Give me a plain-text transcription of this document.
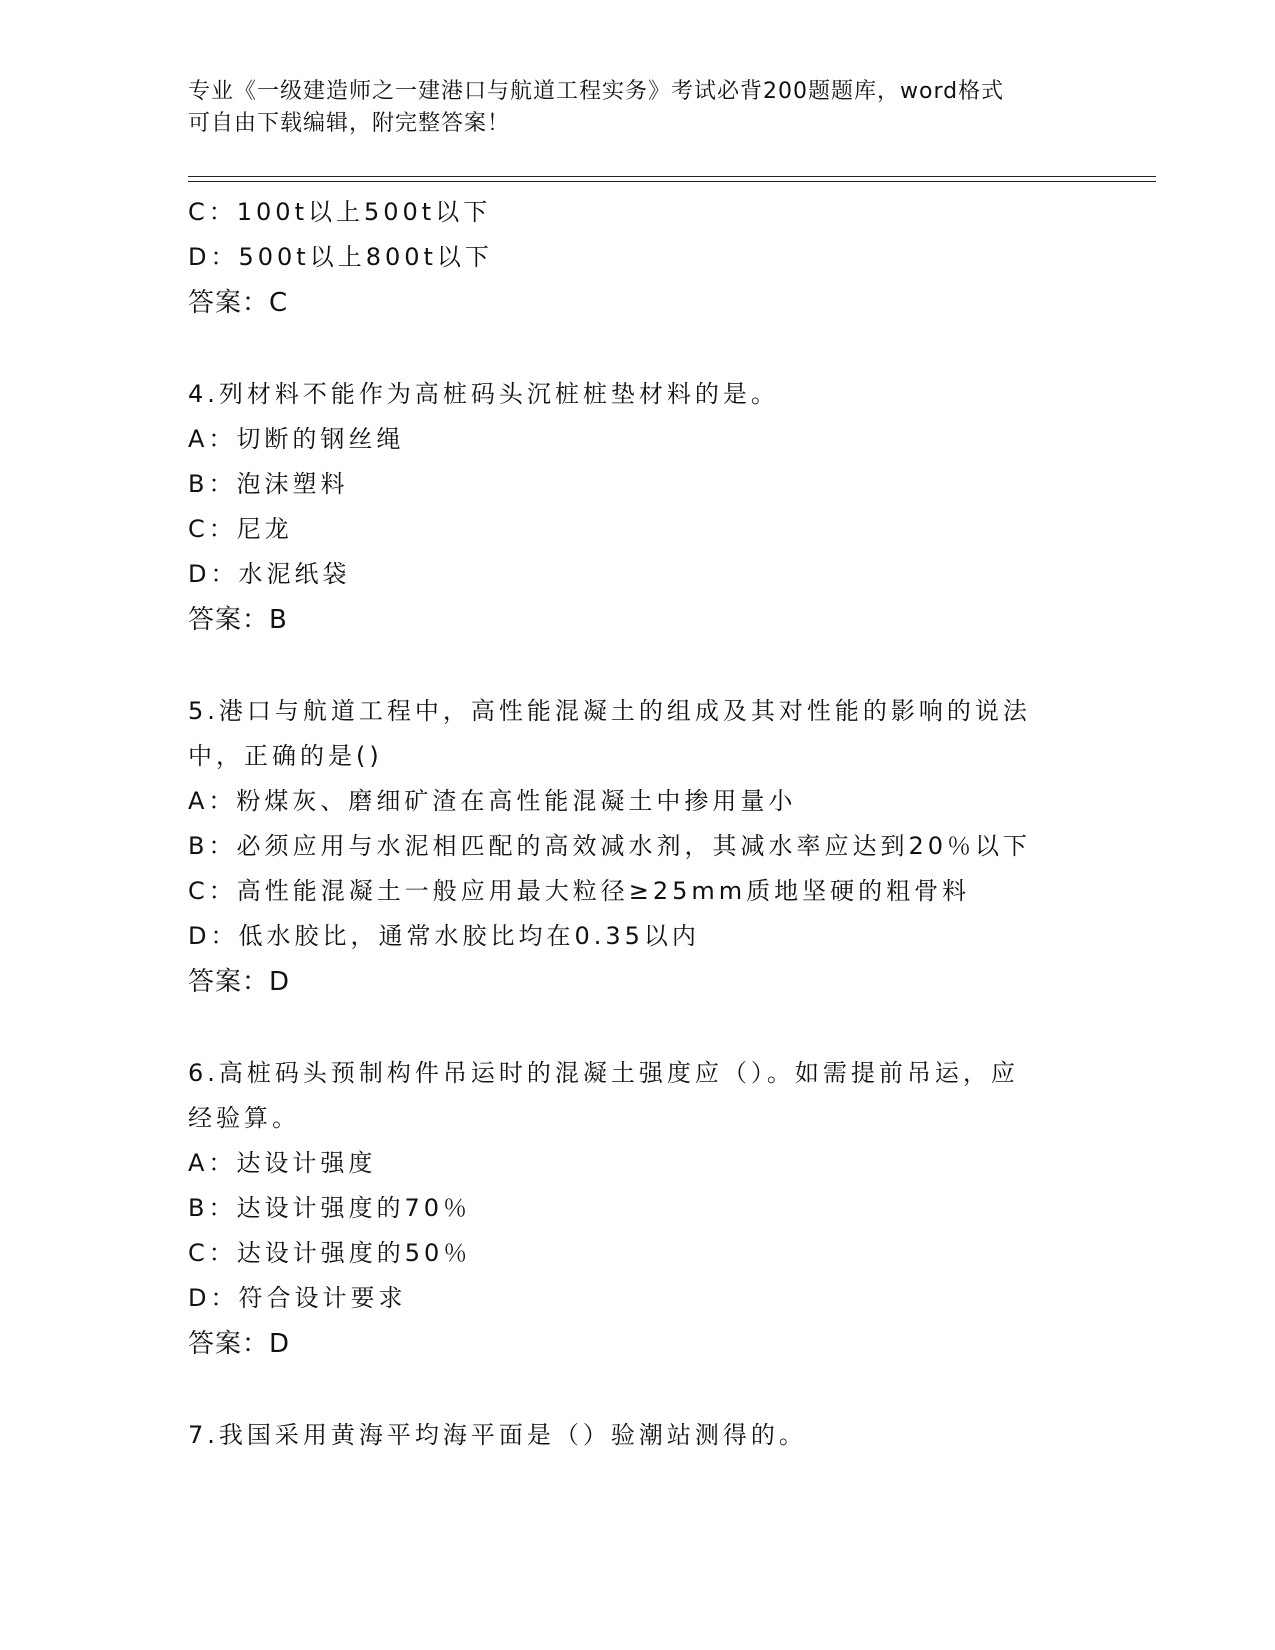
专业《一级建造师之一建港口与航道工程实务》考试必背200题题库，word格式
可自由下载编辑，附完整答案！
C：100t以上500t以下
D：500t以上800t以下
答案：C
4.列材料不能作为高桩码头沉桩桩垫材料的是。
A：切断的钢丝绳
B：泡沫塑料
C：尼龙
D：水泥纸袋
答案：B
5.港口与航道工程中，高性能混凝土的组成及其对性能的影响的说法
中，正确的是()
A：粉煤灰、磨细矿渣在高性能混凝土中掺用量小
B：必须应用与水泥相匹配的高效减水剂，其减水率应达到20％以下
C：高性能混凝土一般应用最大粒径≥25mm质地坚硬的粗骨料
D：低水胶比，通常水胶比均在0.35以内
答案：D
6.高桩码头预制构件吊运时的混凝土强度应（）。如需提前吊运，应
经验算。
A：达设计强度
B：达设计强度的70％
C：达设计强度的50％
D：符合设计要求
答案：D
7.我国采用黄海平均海平面是（）验潮站测得的。
